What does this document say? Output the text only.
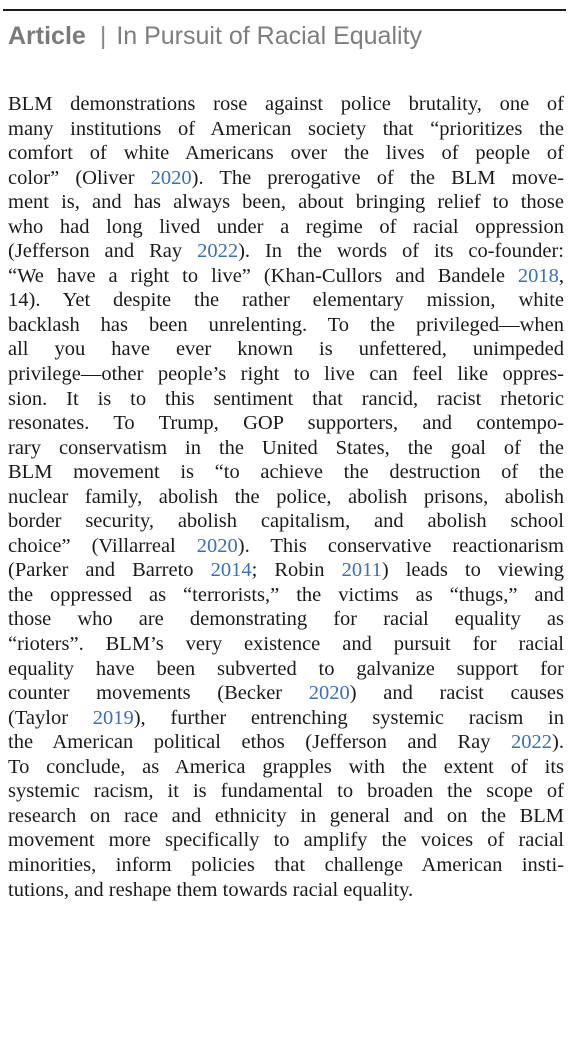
Article | In Pursuit of Racial Equality
BLM demonstrations rose against police brutality, one of
many institutions of American society that “prioritizes the
comfort of white Americans over the lives of people of
color” (Oliver 2020). The prerogative of the BLM move-
ment is, and has always been, about bringing relief to those
who had long lived under a regime of racial oppression
(Jefferson and Ray 2022). In the words of its co-founder:
“We have a right to live” (Khan-Cullors and Bandele 2018,
14). Yet despite the rather elementary mission, white
backlash has been unrelenting. To the privileged—when
all you have ever known is unfettered, unimpeded
privilege—other people’s right to live can feel like oppres-
sion. It is to this sentiment that rancid, racist rhetoric
resonates. To Trump, GOP supporters, and contempo-
rary conservatism in the United States, the goal of the
BLM movement is “to achieve the destruction of the
nuclear family, abolish the police, abolish prisons, abolish
border security, abolish capitalism, and abolish school
choice” (Villarreal 2020). This conservative reactionarism
(Parker and Barreto 2014; Robin 2011) leads to viewing
the oppressed as “terrorists,” the victims as “thugs,” and
those who are demonstrating for racial equality as
“rioters”. BLM’s very existence and pursuit for racial
equality have been subverted to galvanize support for
counter movements (Becker 2020) and racist causes
(Taylor 2019), further entrenching systemic racism in
the American political ethos (Jefferson and Ray 2022).
To conclude, as America grapples with the extent of its
systemic racism, it is fundamental to broaden the scope of
research on race and ethnicity in general and on the BLM
movement more specifically to amplify the voices of racial
minorities, inform policies that challenge American insti-
tutions, and reshape them towards racial equality.
